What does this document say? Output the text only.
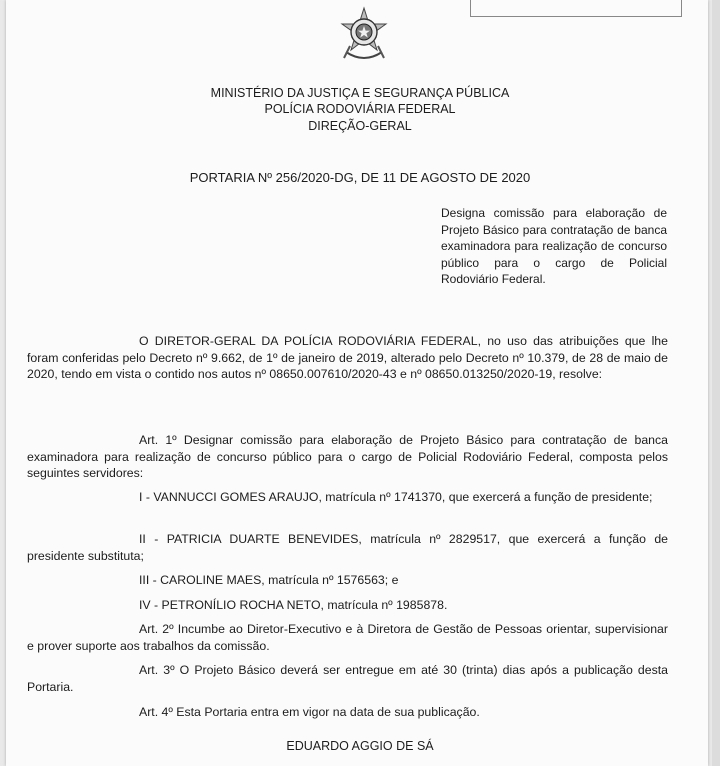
MINISTÉRIO DA JUSTIÇA E SEGURANÇA PÚBLICA
POLÍCIA RODOVIÁRIA FEDERAL
DIREÇÃO-GERAL
PORTARIA Nº 256/2020-DG, DE 11 DE AGOSTO DE 2020
Designa comissão para elaboração de Projeto Básico para contratação de banca examinadora para realização de concurso público para o cargo de Policial Rodoviário Federal.
O DIRETOR-GERAL DA POLÍCIA RODOVIÁRIA FEDERAL, no uso das atribuições que lhe foram conferidas pelo Decreto nº 9.662, de 1º de janeiro de 2019, alterado pelo Decreto nº 10.379, de 28 de maio de 2020, tendo em vista o contido nos autos nº 08650.007610/2020-43 e nº 08650.013250/2020-19, resolve:
Art. 1º Designar comissão para elaboração de Projeto Básico para contratação de banca examinadora para realização de concurso público para o cargo de Policial Rodoviário Federal, composta pelos seguintes servidores:
I - VANNUCCI GOMES ARAUJO, matrícula nº 1741370, que exercerá a função de presidente;
II - PATRICIA DUARTE BENEVIDES, matrícula nº 2829517, que exercerá a função de presidente substituta;
III - CAROLINE MAES, matrícula nº 1576563; e
IV - PETRONÍLIO ROCHA NETO, matrícula nº 1985878.
Art. 2º Incumbe ao Diretor-Executivo e à Diretora de Gestão de Pessoas orientar, supervisionar e prover suporte aos trabalhos da comissão.
Art. 3º O Projeto Básico deverá ser entregue em até 30 (trinta) dias após a publicação desta Portaria.
Art. 4º Esta Portaria entra em vigor na data de sua publicação.
EDUARDO AGGIO DE SÁ
